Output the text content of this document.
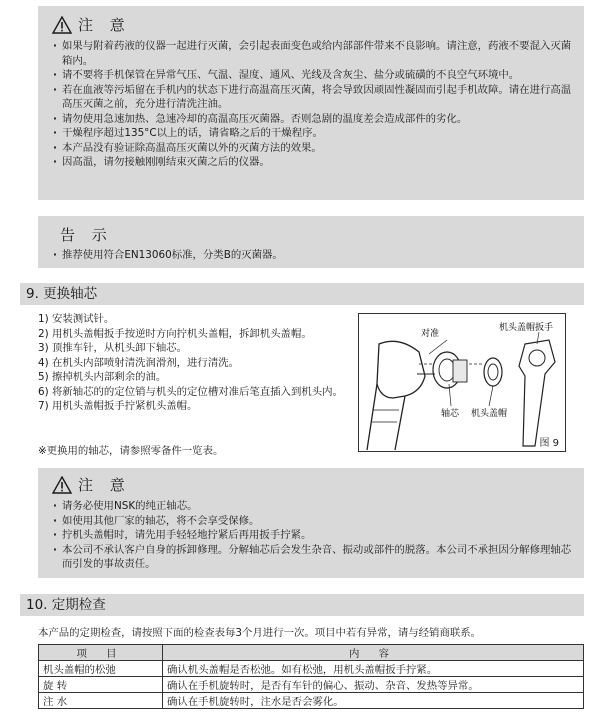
注 意
· 如果与附着药液的仪器一起进行灭菌，会引起表面变色或给内部部件带来不良影响。请注意，药液不要混入灭菌箱内。
· 请不要将手机保管在异常气压、气温、湿度、通风、光线及含灰尘、盐分或硫磺的不良空气环境中。
· 若在血液等污垢留在手机内的状态下进行高温高压灭菌，将会导致因顽固性凝固而引起手机故障。请在进行高温高压灭菌之前，充分进行清洗注油。
· 请勿使用急速加热、急速冷却的高温高压灭菌器。否则急剧的温度差会造成部件的劣化。
· 干燥程序超过135°C以上的话，请省略之后的干燥程序。
· 本产品没有验证除高温高压灭菌以外的灭菌方法的效果。
· 因高温，请勿接触刚刚结束灭菌之后的仪器。
告 示
· 推荐使用符合EN13060标准，分类B的灭菌器。
9. 更换轴芯
1) 安装测试针。
2) 用机头盖帽扳手按逆时方向拧机头盖帽，拆卸机头盖帽。
3) 顶推车针，从机头卸下轴芯。
4) 在机头内部喷射清洗润滑剂，进行清洗。
5) 擦掉机头内部剩余的油。
6) 将新轴芯的的定位销与机头的定位槽对准后笔直插入到机头内。
7) 用机头盖帽扳手拧紧机头盖帽。
对准
机头盖帽扳手
轴芯 机头盖帽
图 9
※更换用的轴芯，请参照零备件一览表。
注 意
· 请务必使用NSK的纯正轴芯。
· 如使用其他厂家的轴芯，将不会享受保修。
· 拧机头盖帽时，请先用手轻轻地拧紧后再用扳手拧紧。
· 本公司不承认客户自身的拆卸修理。分解轴芯后会发生杂音、振动或部件的脱落。本公司不承担因分解修理轴芯而引发的事故责任。
10. 定期检查
本产品的定期检查，请按照下面的检查表每3个月进行一次。项目中若有异常，请与经销商联系。
项 目	内 容
机头盖帽的松弛	确认机头盖帽是否松弛。如有松弛，用机头盖帽扳手拧紧。
旋 转	确认在手机旋转时，是否有车针的偏心、振动、杂音、发热等异常。
注 水	确认在手机旋转时，注水是否会雾化。
